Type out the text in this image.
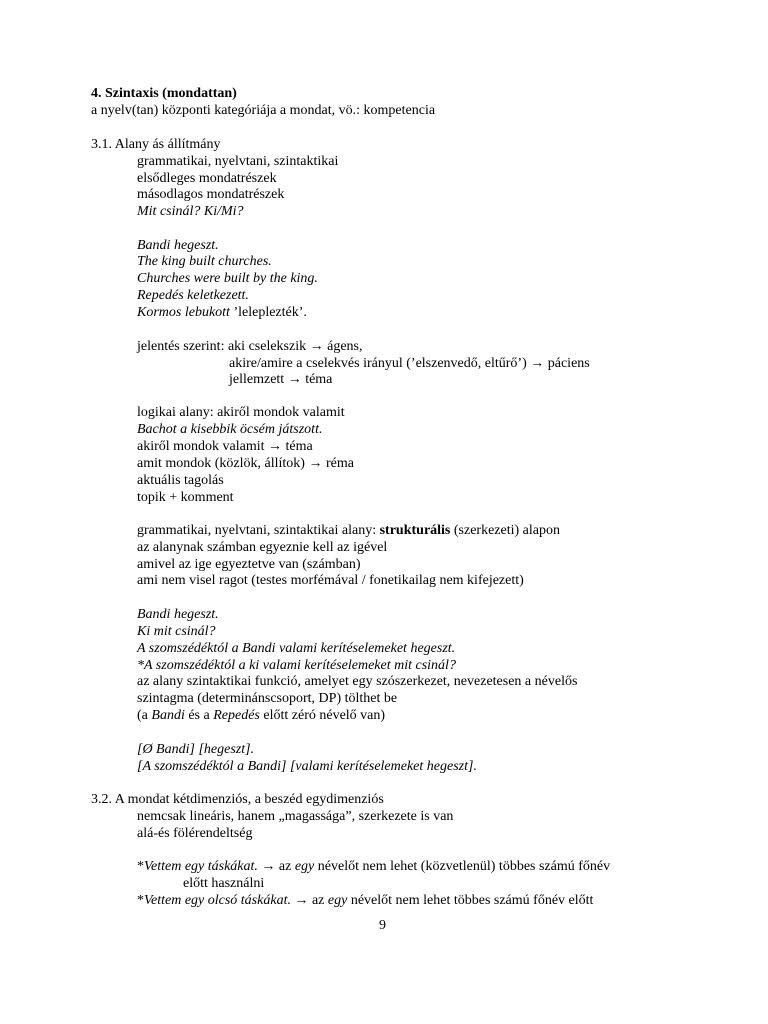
4. Szintaxis (mondattan)
a nyelv(tan) központi kategóriája a mondat, vö.: kompetencia
3.1. Alany ás állítmány
grammatikai, nyelvtani, szintaktikai
elsődleges mondatrészek
másodlagos mondatrészek
Mit csinál? Ki/Mi?
Bandi hegeszt.
The king built churches.
Churches were built by the king.
Repedés keletkezett.
Kormos lebukott ’leleplezték’.
jelentés szerint: aki cselekszik → ágens,
akire/amire a cselekvés irányul (’elszenvedő, eltűrő’) → páciens
jellemzett → téma
logikai alany: akiről mondok valamit
Bachot a kisebbik öcsém játszott.
akiről mondok valamit → téma
amit mondok (közlök, állítok) → réma
aktuális tagolás
topik + komment
grammatikai, nyelvtani, szintaktikai alany: strukturális (szerkezeti) alapon
az alanynak számban egyeznie kell az igével
amivel az ige egyeztetve van (számban)
ami nem visel ragot (testes morfémával / fonetikailag nem kifejezett)
Bandi hegeszt.
Ki mit csinál?
A szomszédéktól a Bandi valami kerítéselemeket hegeszt.
*A szomszédéktól a ki valami kerítéselemeket mit csinál?
az alany szintaktikai funkció, amelyet egy szószerkezet, nevezetesen a névelős
szintagma (determinánscsoport, DP) tölthet be
(a Bandi és a Repedés előtt zéró névelő van)
[Ø Bandi] [hegeszt].
[A szomszédéktól a Bandi] [valami kerítéselemeket hegeszt].
3.2. A mondat kétdimenziós, a beszéd egydimenziós
nemcsak lineáris, hanem „magassága”, szerkezete is van
alá-és fölérendeltség
*Vettem egy táskákat. → az egy névelőt nem lehet (közvetlenül) többes számú főnév
előtt használni
*Vettem egy olcsó táskákat. → az egy névelőt nem lehet többes számú főnév előtt
9
